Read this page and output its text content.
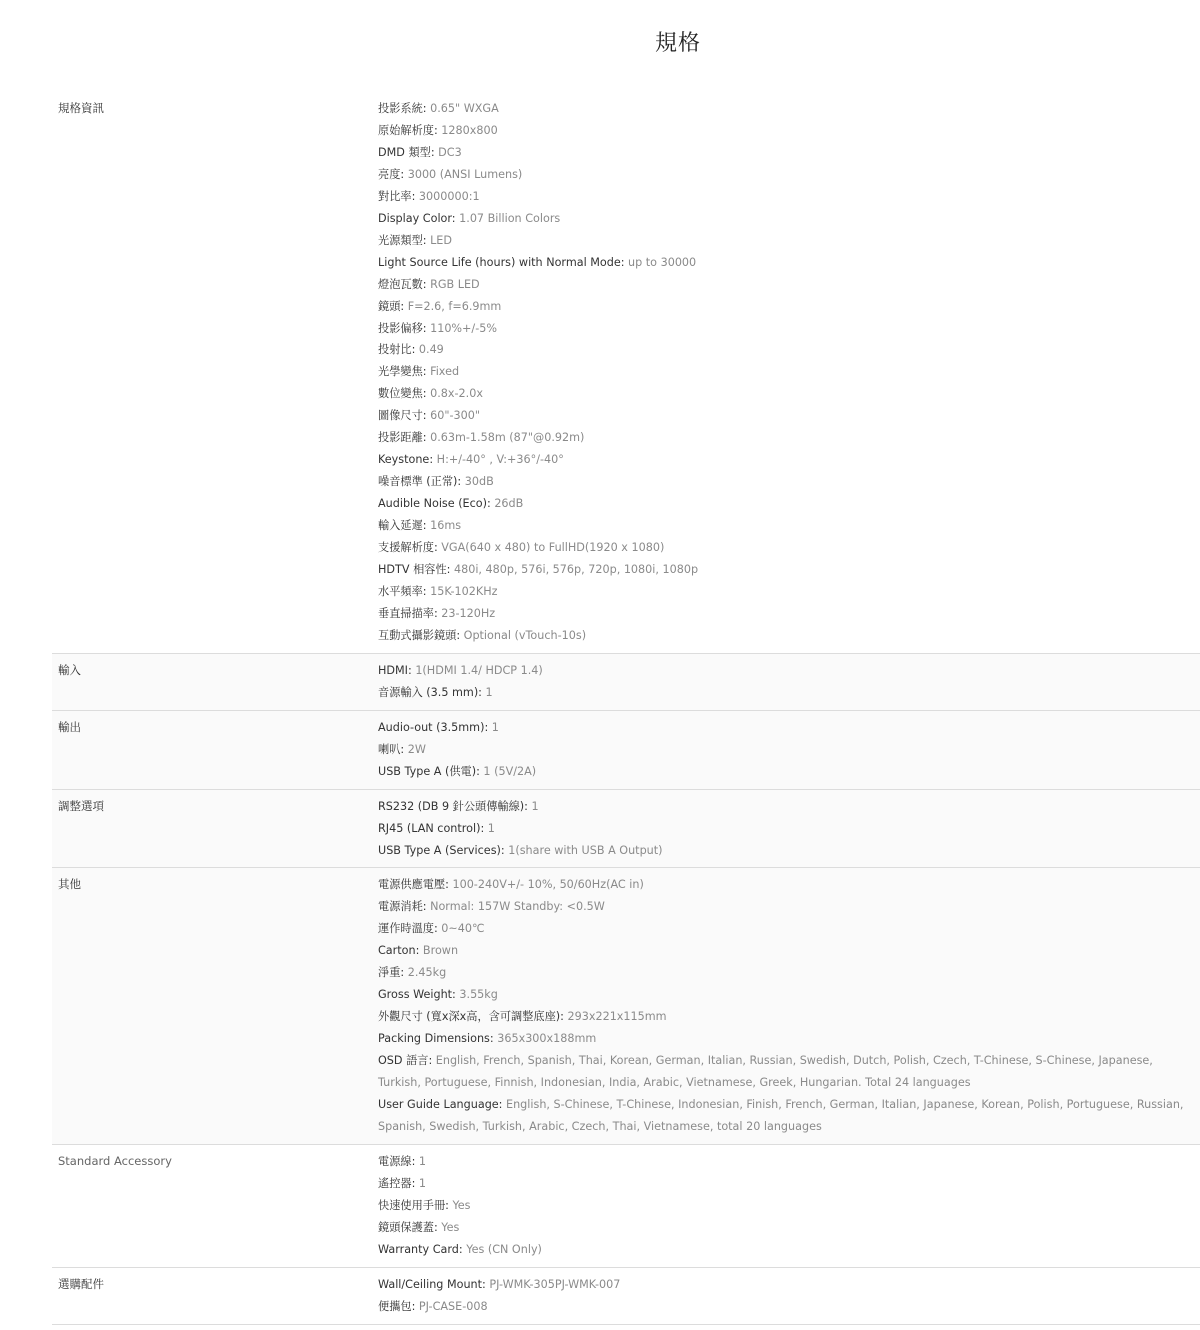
規格
規格資訊	投影系統: 0.65" WXGA
原始解析度: 1280x800
DMD 類型: DC3
亮度: 3000 (ANSI Lumens)
對比率: 3000000:1
Display Color: 1.07 Billion Colors
光源類型: LED
Light Source Life (hours) with Normal Mode: up to 30000
燈泡瓦數: RGB LED
鏡頭: F=2.6, f=6.9mm
投影偏移: 110%+/-5%
投射比: 0.49
光學變焦: Fixed
數位變焦: 0.8x-2.0x
圖像尺寸: 60"-300"
投影距離: 0.63m-1.58m (87"@0.92m)
Keystone: H:+/-40° , V:+36°/-40°
噪音標準 (正常): 30dB
Audible Noise (Eco): 26dB
輸入延遲: 16ms
支援解析度: VGA(640 x 480) to FullHD(1920 x 1080)
HDTV 相容性: 480i, 480p, 576i, 576p, 720p, 1080i, 1080p
水平頻率: 15K-102KHz
垂直掃描率: 23-120Hz
互動式攝影鏡頭: Optional (vTouch-10s)
輸入	HDMI: 1(HDMI 1.4/ HDCP 1.4)
音源輸入 (3.5 mm): 1
輸出	Audio-out (3.5mm): 1
喇叭: 2W
USB Type A (供電): 1 (5V/2A)
調整選項	RS232 (DB 9 針公頭傳輸線): 1
RJ45 (LAN control): 1
USB Type A (Services): 1(share with USB A Output)
其他	電源供應電壓: 100-240V+/- 10%, 50/60Hz(AC in)
電源消耗: Normal: 157W Standby: <0.5W
運作時溫度: 0~40℃
Carton: Brown
淨重: 2.45kg
Gross Weight: 3.55kg
外觀尺寸 (寬x深x高，含可調整底座): 293x221x115mm
Packing Dimensions: 365x300x188mm
OSD 語言: English, French, Spanish, Thai, Korean, German, Italian, Russian, Swedish, Dutch, Polish, Czech, T-Chinese, S-Chinese, Japanese, Turkish, Portuguese, Finnish, Indonesian, India, Arabic, Vietnamese, Greek, Hungarian. Total 24 languages
User Guide Language: English, S-Chinese, T-Chinese, Indonesian, Finish, French, German, Italian, Japanese, Korean, Polish, Portuguese, Russian, Spanish, Swedish, Turkish, Arabic, Czech, Thai, Vietnamese, total 20 languages
Standard Accessory	電源線: 1
遙控器: 1
快速使用手冊: Yes
鏡頭保護蓋: Yes
Warranty Card: Yes (CN Only)
選購配件	Wall/Ceiling Mount: PJ-WMK-305PJ-WMK-007
便攜包: PJ-CASE-008
